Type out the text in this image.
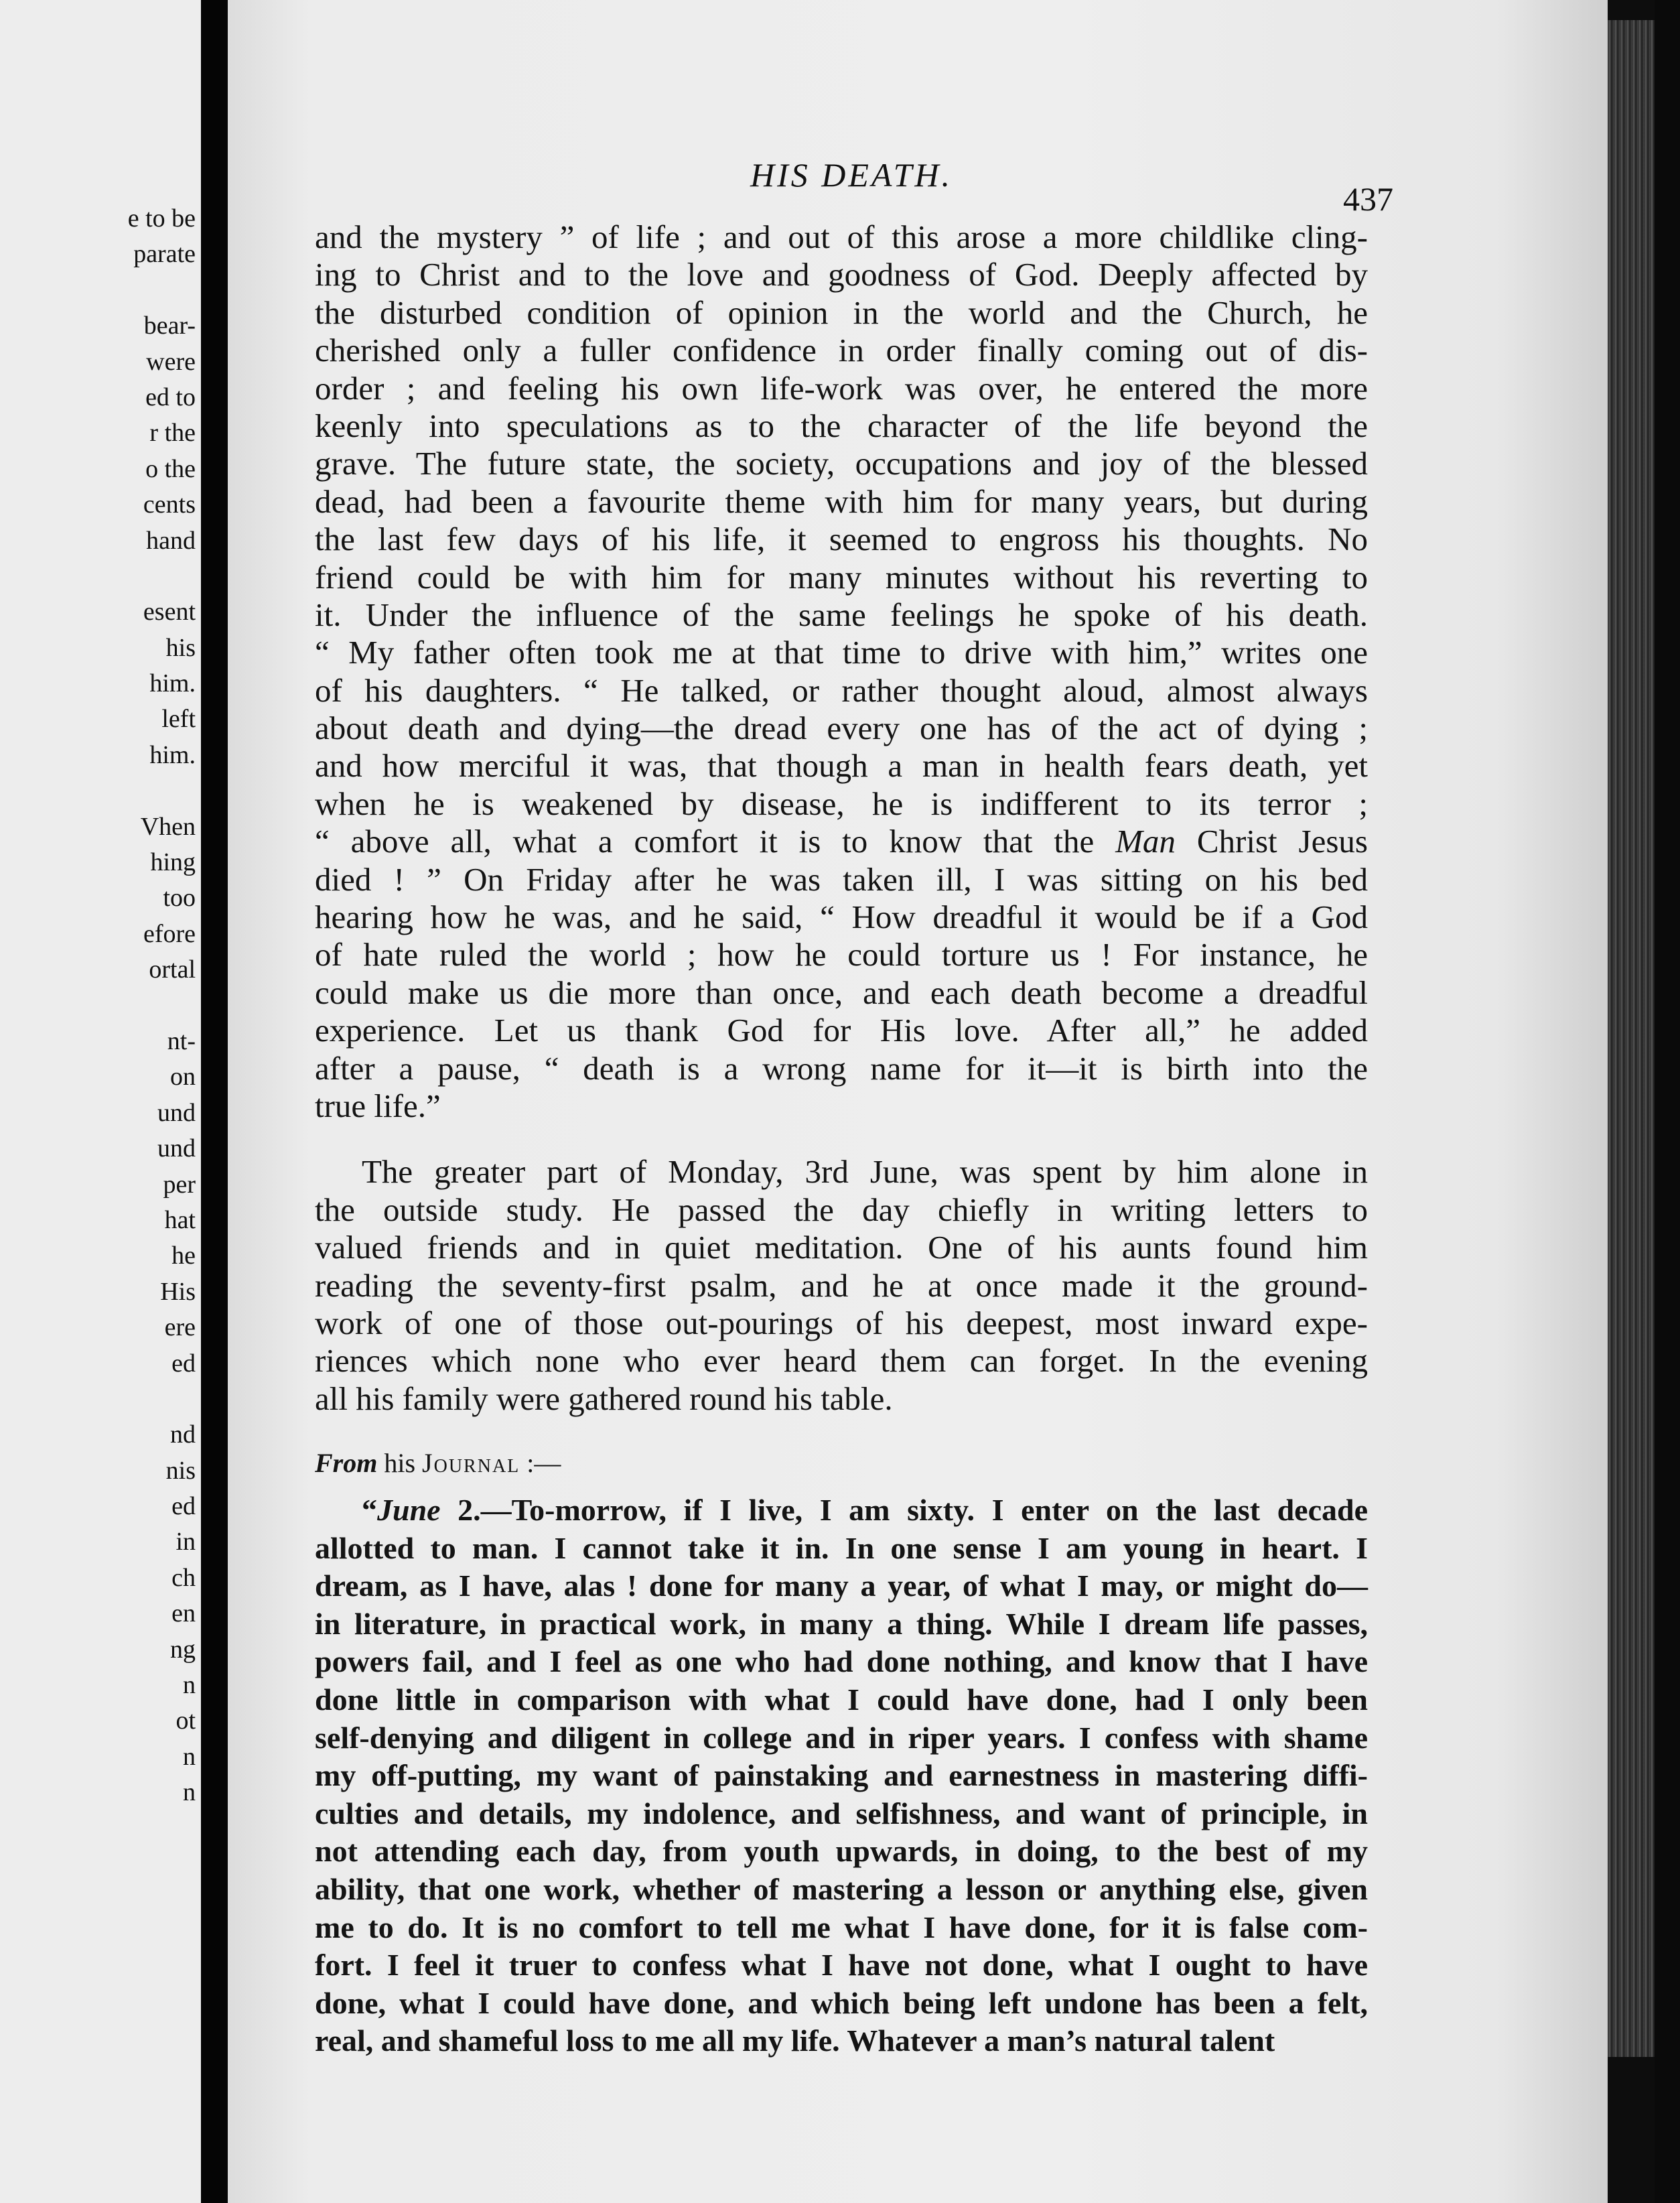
e to be
parate
bear-
were
ed to
r the
o the
cents
hand
esent
his
him.
left
him.
Vhen
hing
too
efore
ortal
nt-
on
und
und
per
hat
he
His
ere
ed
nd
nis
ed
in
ch
en
ng
n
ot
n
n
HIS DEATH.
437
and the mystery ” of life ; and out of this arose a more childlike cling-
ing to Christ and to the love and goodness of God. Deeply affected by
the disturbed condition of opinion in the world and the Church, he
cherished only a fuller confidence in order finally coming out of dis-
order ; and feeling his own life-work was over, he entered the more
keenly into speculations as to the character of the life beyond the
grave. The future state, the society, occupations and joy of the blessed
dead, had been a favourite theme with him for many years, but during
the last few days of his life, it seemed to engross his thoughts. No
friend could be with him for many minutes without his reverting to
it. Under the influence of the same feelings he spoke of his death.
“ My father often took me at that time to drive with him,” writes one
of his daughters. “ He talked, or rather thought aloud, almost always
about death and dying—the dread every one has of the act of dying ;
and how merciful it was, that though a man in health fears death, yet
when he is weakened by disease, he is indifferent to its terror ;
“ above all, what a comfort it is to know that the Man Christ Jesus
died ! ” On Friday after he was taken ill, I was sitting on his bed
hearing how he was, and he said, “ How dreadful it would be if a God
of hate ruled the world ; how he could torture us ! For instance, he
could make us die more than once, and each death become a dreadful
experience. Let us thank God for His love. After all,” he added
after a pause, “ death is a wrong name for it—it is birth into the
true life.”
The greater part of Monday, 3rd June, was spent by him alone in
the outside study. He passed the day chiefly in writing letters to
valued friends and in quiet meditation. One of his aunts found him
reading the seventy-first psalm, and he at once made it the ground-
work of one of those out-pourings of his deepest, most inward expe-
riences which none who ever heard them can forget. In the evening
all his family were gathered round his table.
From his Journal :—
“June 2.—To-morrow, if I live, I am sixty. I enter on the last decade
allotted to man. I cannot take it in. In one sense I am young in heart. I
dream, as I have, alas ! done for many a year, of what I may, or might do—
in literature, in practical work, in many a thing. While I dream life passes,
powers fail, and I feel as one who had done nothing, and know that I have
done little in comparison with what I could have done, had I only been
self-denying and diligent in college and in riper years. I confess with shame
my off-putting, my want of painstaking and earnestness in mastering diffi-
culties and details, my indolence, and selfishness, and want of principle, in
not attending each day, from youth upwards, in doing, to the best of my
ability, that one work, whether of mastering a lesson or anything else, given
me to do. It is no comfort to tell me what I have done, for it is false com-
fort. I feel it truer to confess what I have not done, what I ought to have
done, what I could have done, and which being left undone has been a felt,
real, and shameful loss to me all my life. Whatever a man’s natural talent
